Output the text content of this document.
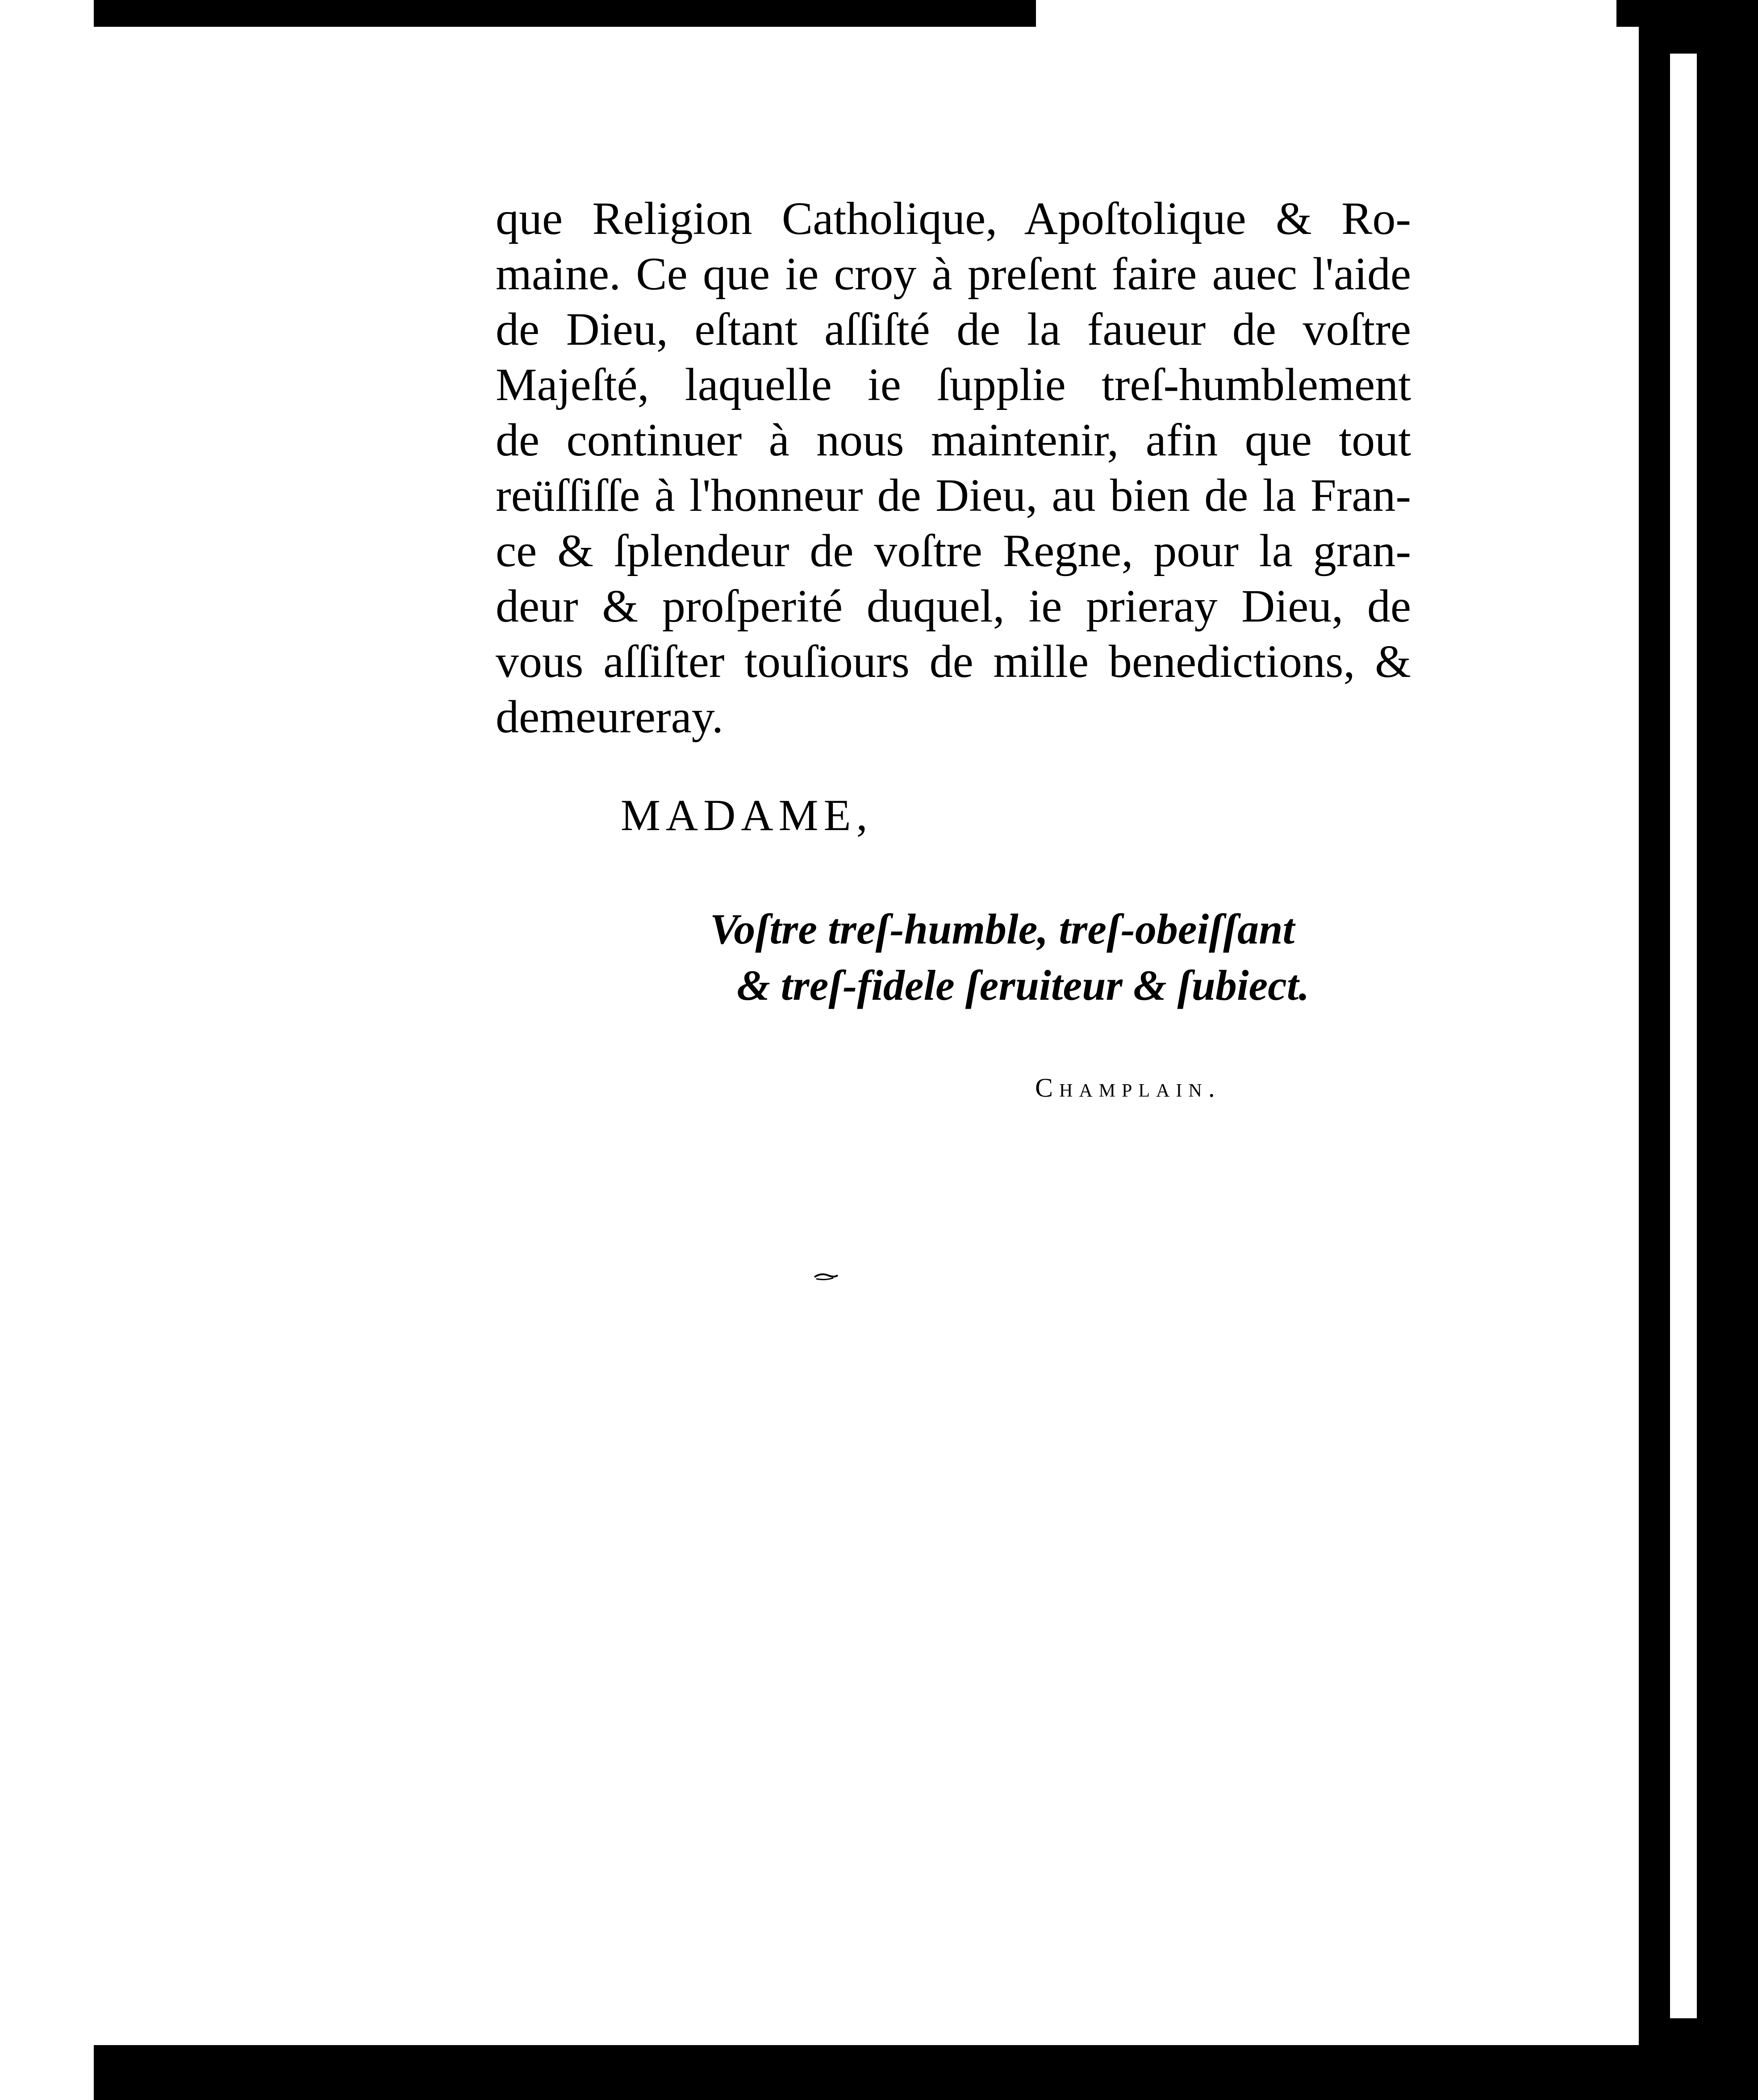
que Religion Catholique, Apoſtolique & Ro-
maine. Ce que ie croy à preſent faire auec l'aide
de Dieu, eſtant aſſiſté de la faueur de voſtre
Majeſté, laquelle ie ſupplie treſ-humblement
de continuer à nous maintenir, afin que tout
reüſſiſſe à l'honneur de Dieu, au bien de la Fran-
ce & ſplendeur de voſtre Regne, pour la gran-
deur & proſperité duquel, ie prieray Dieu, de
vous aſſiſter touſiours de mille benedictions, &
demeureray.

MADAME,

Voſtre treſ-humble, treſ-obeiſſant
& treſ-fidele ſeruiteur & ſubiect.

Champlain.
